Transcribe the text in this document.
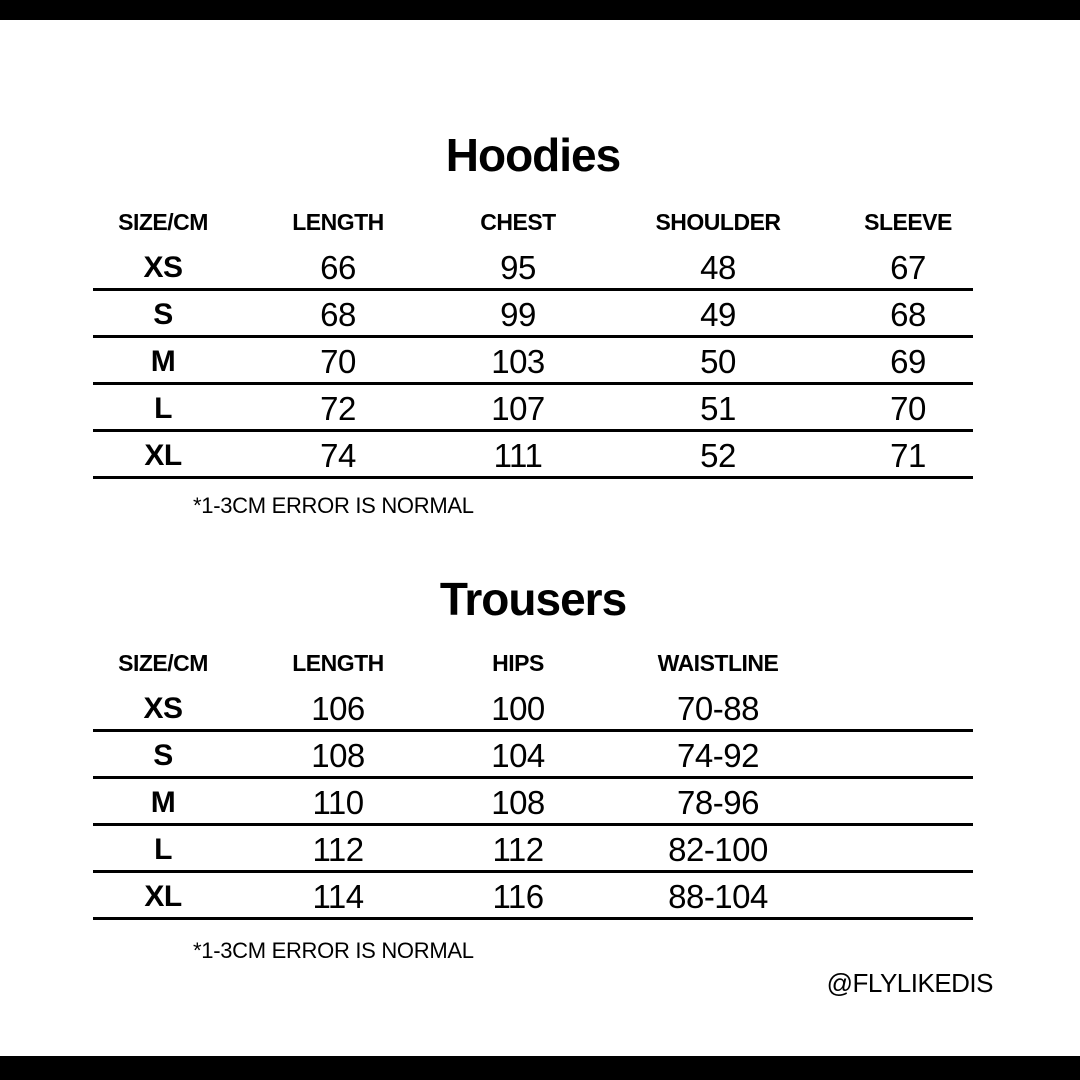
Hoodies
SIZE/CM	LENGTH	CHEST	SHOULDER	SLEEVE
XS	66	95	48	67
S	68	99	49	68
M	70	103	50	69
L	72	107	51	70
XL	74	111	52	71
*1-3CM ERROR IS NORMAL
Trousers
SIZE/CM	LENGTH	HIPS	WAISTLINE
XS	106	100	70-88
S	108	104	74-92
M	110	108	78-96
L	112	112	82-100
XL	114	116	88-104
*1-3CM ERROR IS NORMAL
@FLYLIKEDIS
